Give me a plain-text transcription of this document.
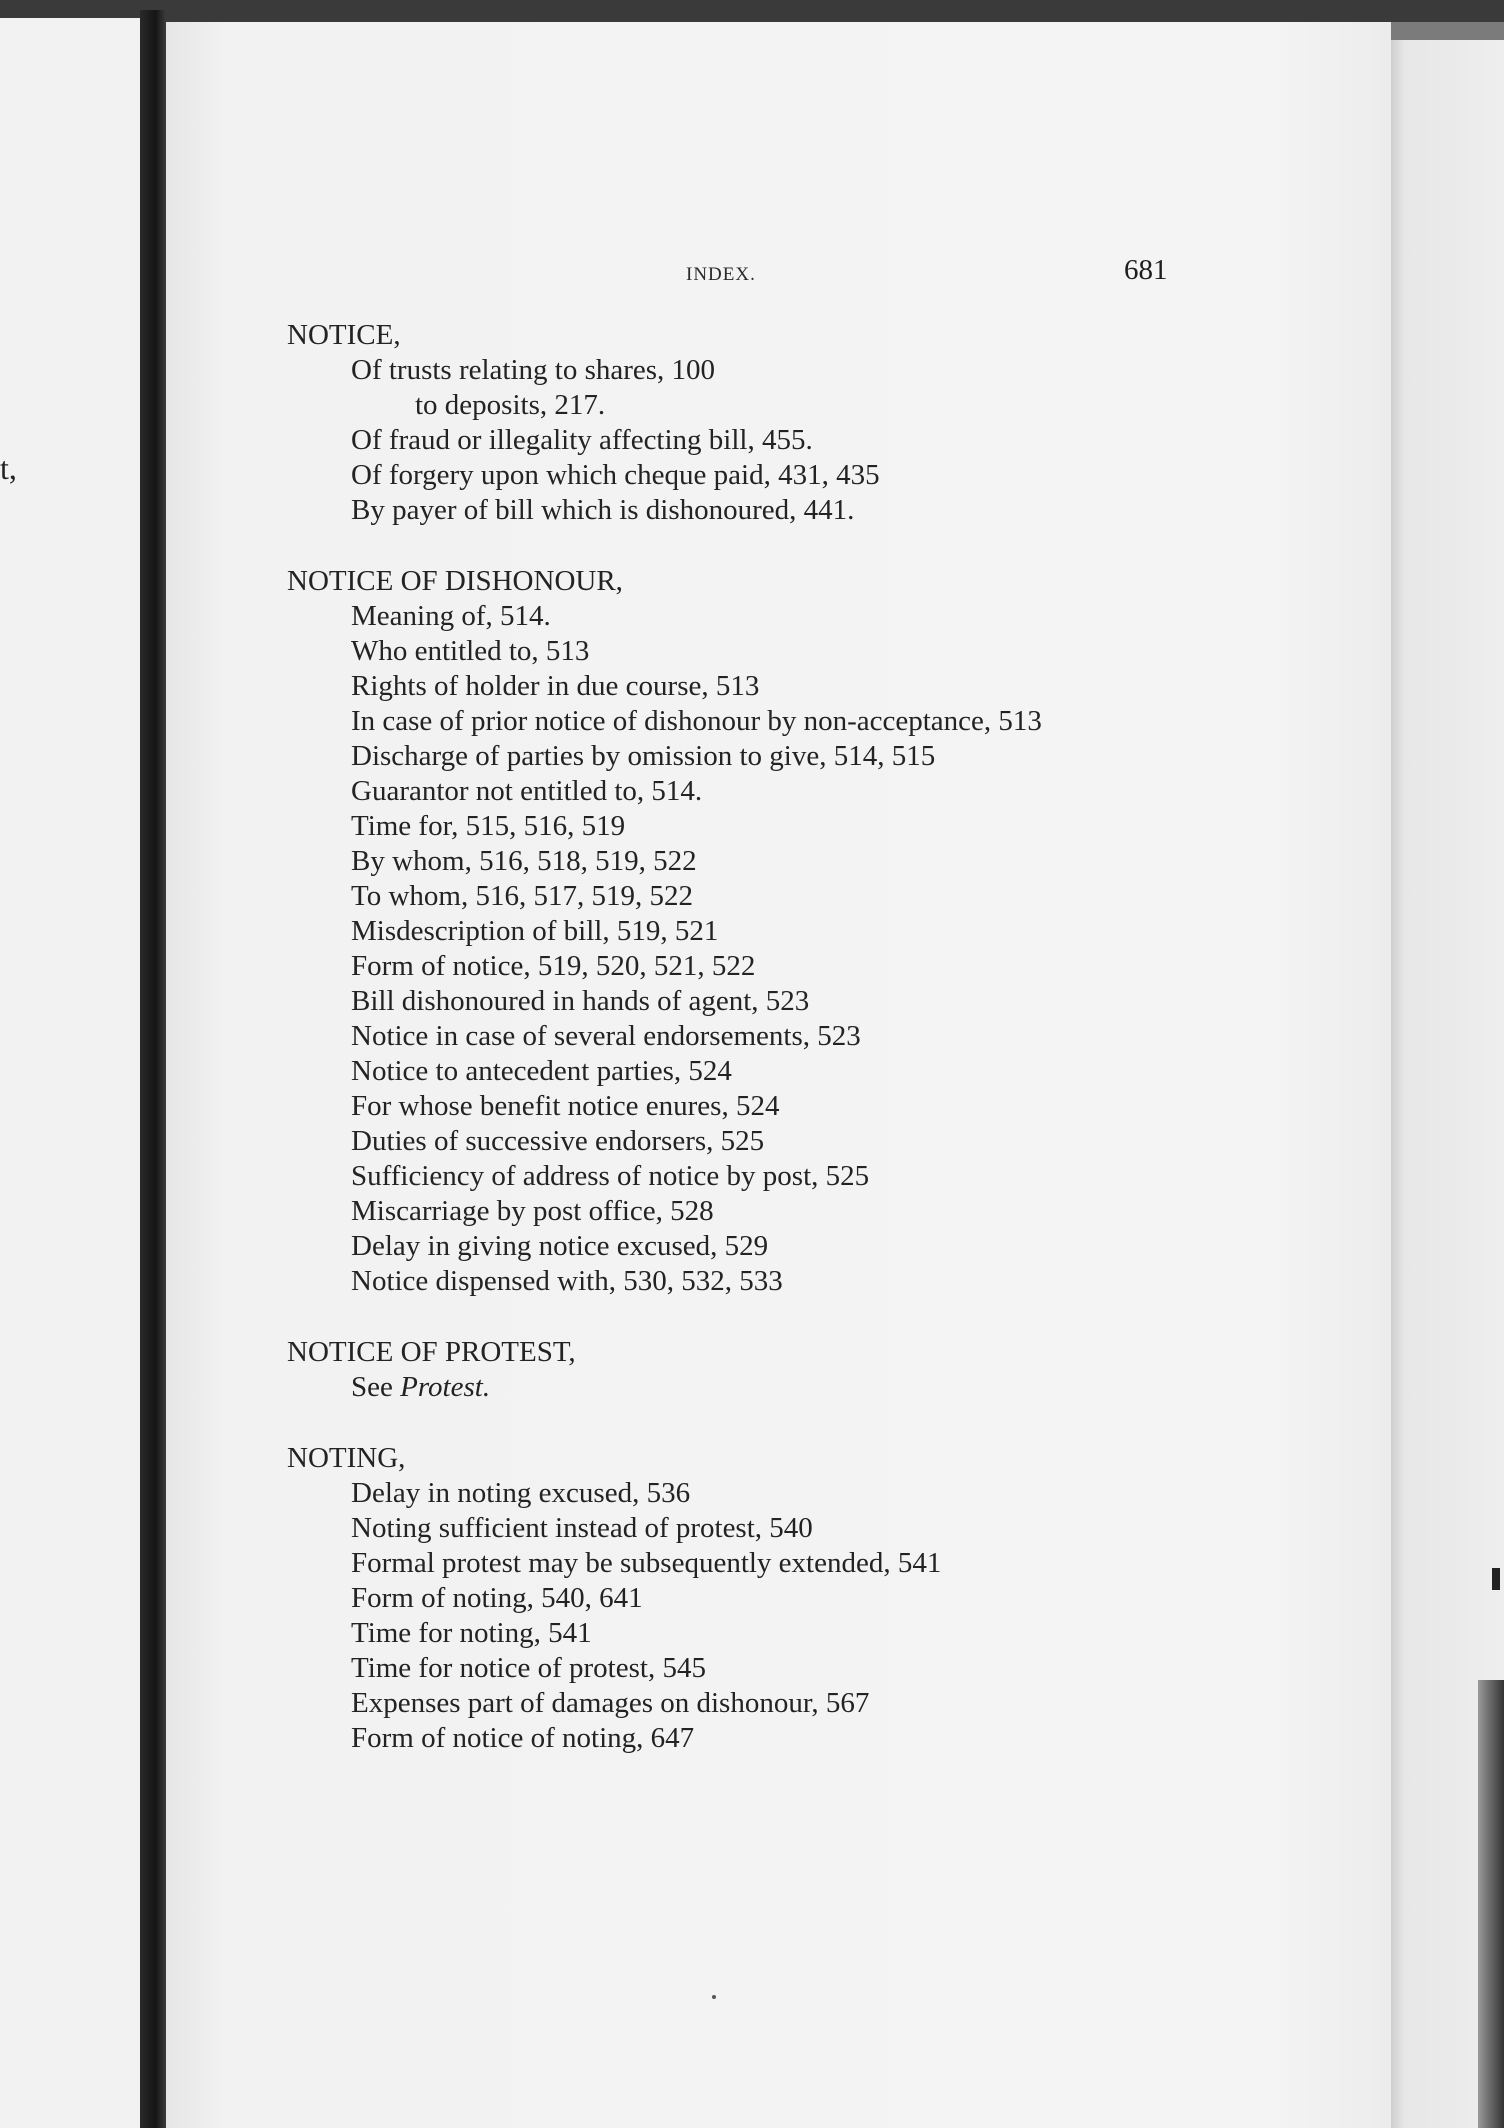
t,
INDEX.	681
NOTICE,
Of trusts relating to shares, 100
to deposits, 217.
Of fraud or illegality affecting bill, 455.
Of forgery upon which cheque paid, 431, 435
By payer of bill which is dishonoured, 441.
NOTICE OF DISHONOUR,
Meaning of, 514.
Who entitled to, 513
Rights of holder in due course, 513
In case of prior notice of dishonour by non-acceptance, 513
Discharge of parties by omission to give, 514, 515
Guarantor not entitled to, 514.
Time for, 515, 516, 519
By whom, 516, 518, 519, 522
To whom, 516, 517, 519, 522
Misdescription of bill, 519, 521
Form of notice, 519, 520, 521, 522
Bill dishonoured in hands of agent, 523
Notice in case of several endorsements, 523
Notice to antecedent parties, 524
For whose benefit notice enures, 524
Duties of successive endorsers, 525
Sufficiency of address of notice by post, 525
Miscarriage by post office, 528
Delay in giving notice excused, 529
Notice dispensed with, 530, 532, 533
NOTICE OF PROTEST,
See Protest.
NOTING,
Delay in noting excused, 536
Noting sufficient instead of protest, 540
Formal protest may be subsequently extended, 541
Form of noting, 540, 641
Time for noting, 541
Time for notice of protest, 545
Expenses part of damages on dishonour, 567
Form of notice of noting, 647
